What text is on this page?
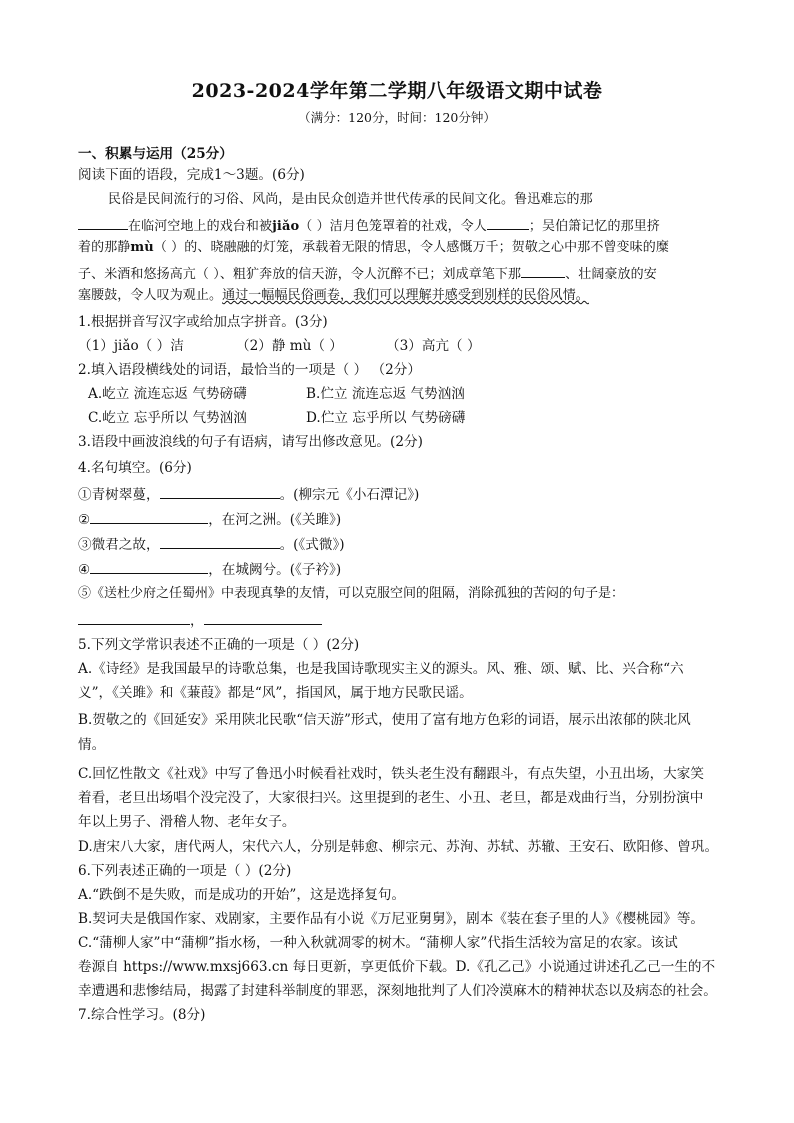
2023-2024学年第二学期八年级语文期中试卷
（满分：120分，时间：120分钟）
一、积累与运用（25分）
阅读下面的语段，完成1～3题。(6分)
民俗是民间流行的习俗、风尚，是由民众创造并世代传承的民间文化。鲁迅难忘的那
在临河空地上的戏台和被jiǎo（ ）洁月色笼罩着的社戏，令人	；吴伯箫记忆的那里挤
着的那静mù（ ）的、晓融融的灯笼，承载着无限的情思，令人感慨万千；贺敬之心中那不曾变味的糜
子、米酒和悠扬高亢（ ）、粗犷奔放的信天游，令人沉醉不已；刘成章笔下那	、壮阔豪放的安
塞腰鼓，令人叹为观止。通过一幅幅民俗画卷，我们可以理解并感受到别样的民俗风情。
1.根据拼音写汉字或给加点字拼音。(3分)
（1）jiǎo（ ）洁	（2）静 mù（ ）	（3）高亢（ ）
2.填入语段横线处的词语，最恰当的一项是（ ） （2分）
A.屹立 流连忘返 气势磅礴	B.伫立 流连忘返 气势汹汹
C.屹立 忘乎所以 气势汹汹	D.伫立 忘乎所以 气势磅礴
3.语段中画波浪线的句子有语病，请写出修改意见。(2分)
4.名句填空。(6分)
①青树翠蔓，	。(柳宗元《小石潭记》)
②	，在河之洲。(《关雎》)
③微君之故，	。(《式微》)
④	，在城阙兮。(《子衿》)
⑤《送杜少府之任蜀州》中表现真挚的友情，可以克服空间的阻隔，消除孤独的苦闷的句子是：
，
5.下列文学常识表述不正确的一项是（ ）(2分)
A.《诗经》是我国最早的诗歌总集，也是我国诗歌现实主义的源头。风、雅、颂、赋、比、兴合称“六
义”，《关雎》和《蒹葭》都是“风”，指国风，属于地方民歌民谣。
B.贺敬之的《回延安》采用陕北民歌“信天游”形式，使用了富有地方色彩的词语，展示出浓郁的陕北风
情。
C.回忆性散文《社戏》中写了鲁迅小时候看社戏时，铁头老生没有翻跟斗，有点失望，小丑出场，大家笑
着看，老旦出场唱个没完没了，大家很扫兴。这里提到的老生、小丑、老旦，都是戏曲行当，分别扮演中
年以上男子、滑稽人物、老年女子。
D.唐宋八大家，唐代两人，宋代六人，分别是韩愈、柳宗元、苏洵、苏轼、苏辙、王安石、欧阳修、曾巩。
6.下列表述正确的一项是（ ）(2分)
A.“跌倒不是失败，而是成功的开始”，这是选择复句。
B.契诃夫是俄国作家、戏剧家，主要作品有小说《万尼亚舅舅》，剧本《装在套子里的人》《樱桃园》等。
C.“蒲柳人家”中“蒲柳”指水杨，一种入秋就凋零的树木。“蒲柳人家”代指生活较为富足的农家。该试
卷源自 https://www.mxsj663.cn 每日更新，享更低价下载。D.《孔乙己》小说通过讲述孔乙己一生的不
幸遭遇和悲惨结局，揭露了封建科举制度的罪恶，深刻地批判了人们冷漠麻木的精神状态以及病态的社会。
7.综合性学习。(8分)
